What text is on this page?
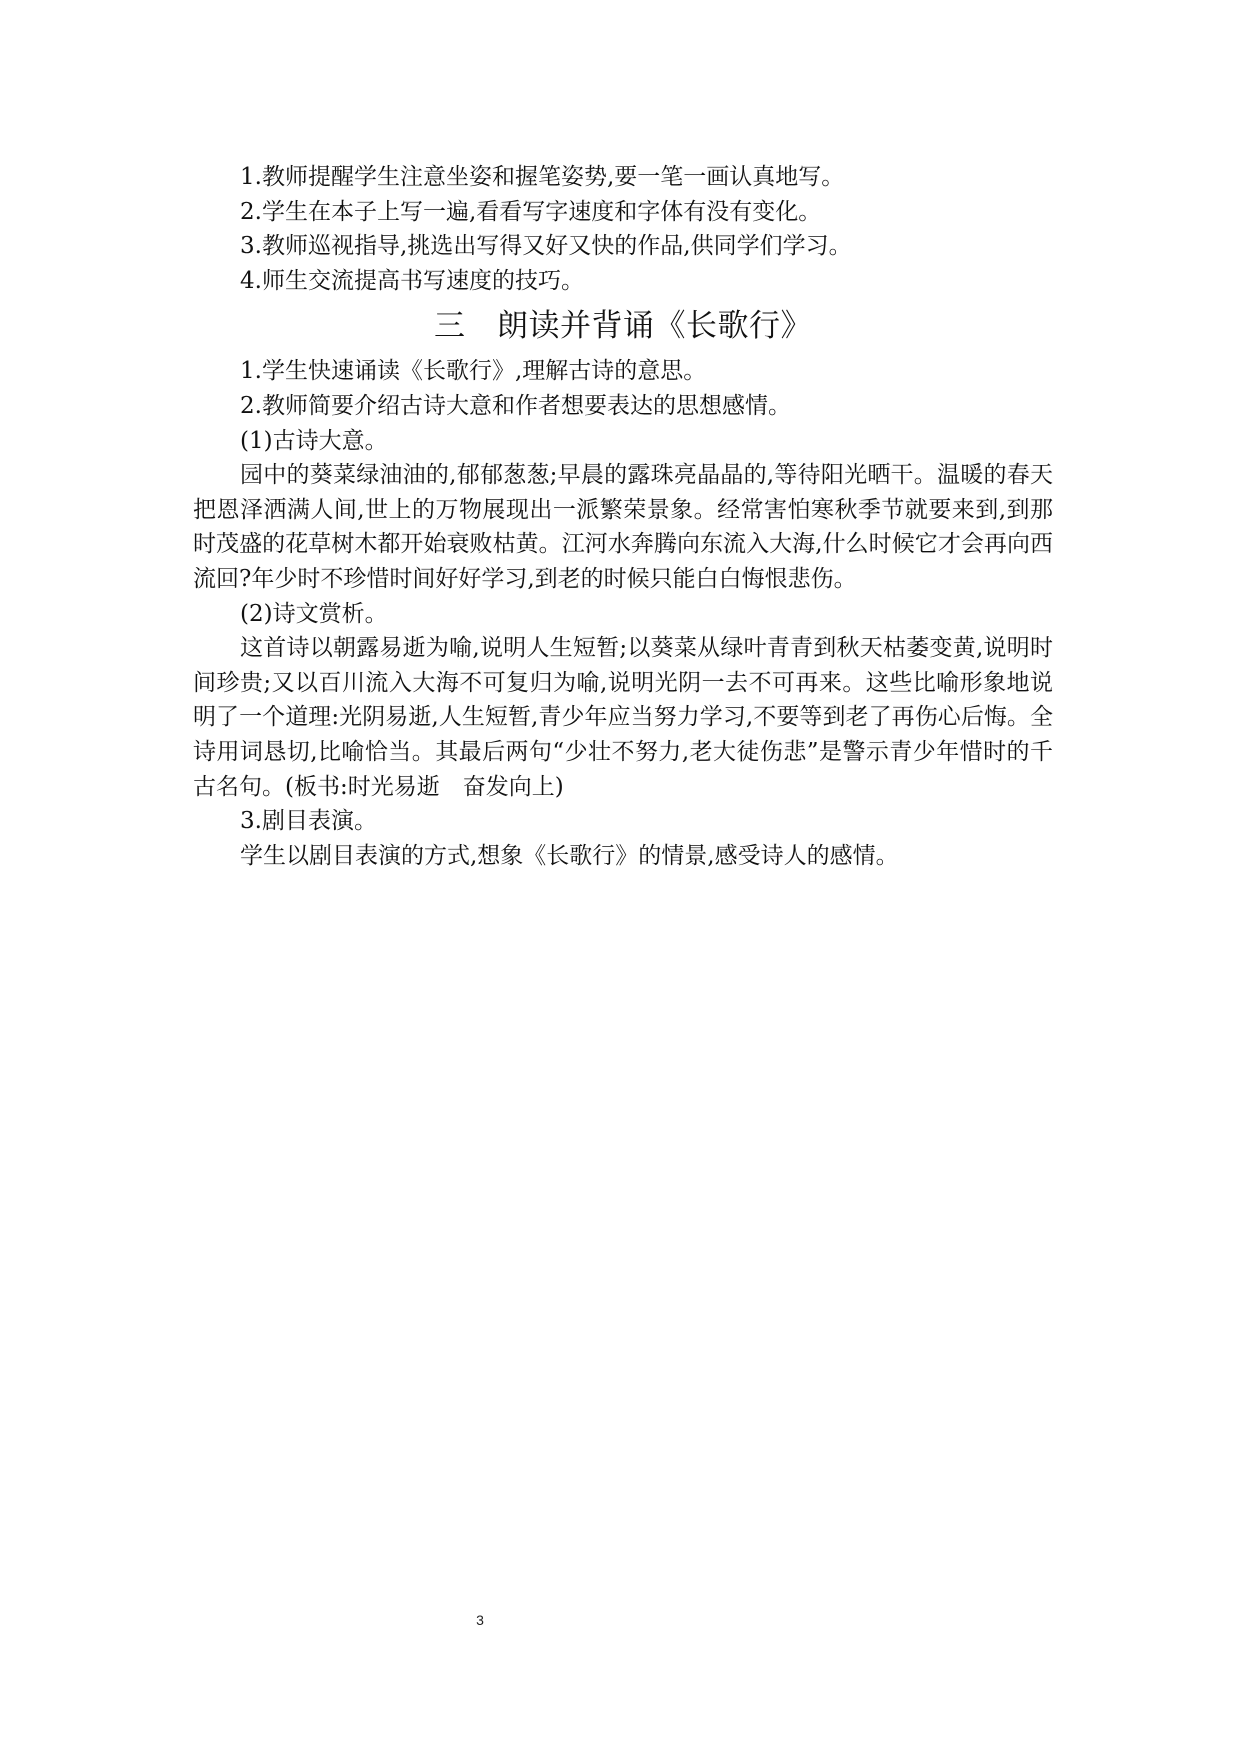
1.教师提醒学生注意坐姿和握笔姿势,要一笔一画认真地写。
2.学生在本子上写一遍,看看写字速度和字体有没有变化。
3.教师巡视指导,挑选出写得又好又快的作品,供同学们学习。
4.师生交流提高书写速度的技巧。
三　朗读并背诵《长歌行》
1.学生快速诵读《长歌行》,理解古诗的意思。
2.教师简要介绍古诗大意和作者想要表达的思想感情。
(1)古诗大意。
园中的葵菜绿油油的,郁郁葱葱;早晨的露珠亮晶晶的,等待阳光晒干。温暖的春天把恩泽洒满人间,世上的万物展现出一派繁荣景象。经常害怕寒秋季节就要来到,到那时茂盛的花草树木都开始衰败枯黄。江河水奔腾向东流入大海,什么时候它才会再向西流回?年少时不珍惜时间好好学习,到老的时候只能白白悔恨悲伤。
(2)诗文赏析。
这首诗以朝露易逝为喻,说明人生短暂;以葵菜从绿叶青青到秋天枯萎变黄,说明时间珍贵;又以百川流入大海不可复归为喻,说明光阴一去不可再来。这些比喻形象地说明了一个道理:光阴易逝,人生短暂,青少年应当努力学习,不要等到老了再伤心后悔。全诗用词恳切,比喻恰当。其最后两句“少壮不努力,老大徒伤悲”是警示青少年惜时的千古名句。(板书:时光易逝　奋发向上)
3.剧目表演。
学生以剧目表演的方式,想象《长歌行》的情景,感受诗人的感情。
3
